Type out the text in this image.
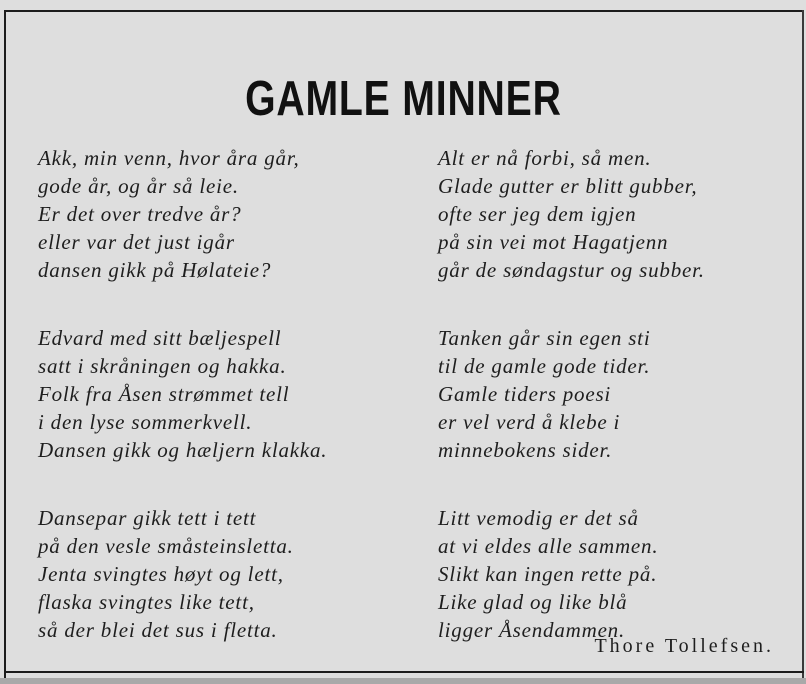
GAMLE MINNER
Akk, min venn, hvor åra går,
gode år, og år så leie.
Er det over tredve år?
eller var det just igår
dansen gikk på Hølateie?
Edvard med sitt bæljespell
satt i skråningen og hakka.
Folk fra Åsen strømmet tell
i den lyse sommerkvell.
Dansen gikk og hæljern klakka.
Dansepar gikk tett i tett
på den vesle småsteinsletta.
Jenta svingtes høyt og lett,
flaska svingtes like tett,
så der blei det sus i fletta.
Alt er nå forbi, så men.
Glade gutter er blitt gubber,
ofte ser jeg dem igjen
på sin vei mot Hagatjenn
går de søndagstur og subber.
Tanken går sin egen sti
til de gamle gode tider.
Gamle tiders poesi
er vel verd å klebe i
minnebokens sider.
Litt vemodig er det så
at vi eldes alle sammen.
Slikt kan ingen rette på.
Like glad og like blå
ligger Åsendammen.
Thore Tollefsen.
